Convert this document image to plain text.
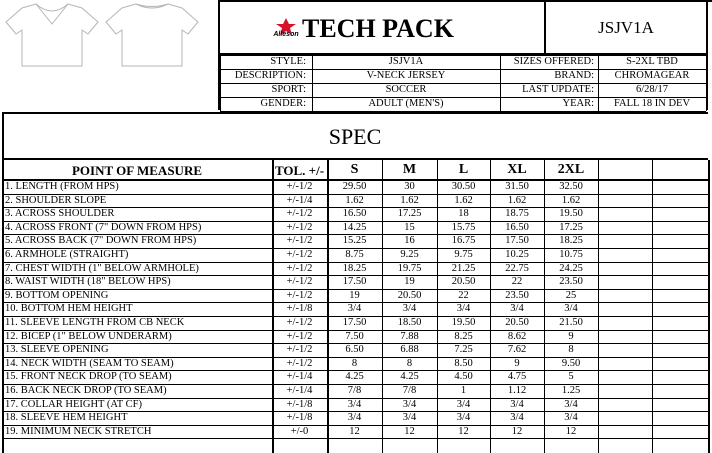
Alleson TECH PACK	JSJV1A
STYLE:	JSJV1A	SIZES OFFERED:	S-2XL TBD
DESCRIPTION:	V-NECK JERSEY	BRAND:	CHROMAGEAR
SPORT:	SOCCER	LAST UPDATE:	6/28/17
GENDER:	ADULT (MEN'S)	YEAR:	FALL 18 IN DEV
SPEC
POINT OF MEASURE	TOL. +/-	S	M	L	XL	2XL
1. LENGTH (FROM HPS)	+/-1/2	29.50	30	30.50	31.50	32.50
2. SHOULDER SLOPE	+/-1/4	1.62	1.62	1.62	1.62	1.62
3. ACROSS SHOULDER	+/-1/2	16.50	17.25	18	18.75	19.50
4. ACROSS FRONT (7" DOWN FROM HPS)	+/-1/2	14.25	15	15.75	16.50	17.25
5. ACROSS BACK (7" DOWN FROM HPS)	+/-1/2	15.25	16	16.75	17.50	18.25
6. ARMHOLE (STRAIGHT)	+/-1/2	8.75	9.25	9.75	10.25	10.75
7. CHEST WIDTH (1" BELOW ARMHOLE)	+/-1/2	18.25	19.75	21.25	22.75	24.25
8. WAIST WIDTH (18" BELOW HPS)	+/-1/2	17.50	19	20.50	22	23.50
9. BOTTOM OPENING	+/-1/2	19	20.50	22	23.50	25
10. BOTTOM HEM HEIGHT	+/-1/8	3/4	3/4	3/4	3/4	3/4
11. SLEEVE LENGTH FROM CB NECK	+/-1/2	17.50	18.50	19.50	20.50	21.50
12. BICEP (1" BELOW UNDERARM)	+/-1/2	7.50	7.88	8.25	8.62	9
13. SLEEVE OPENING	+/-1/2	6.50	6.88	7.25	7.62	8
14. NECK WIDTH (SEAM TO SEAM)	+/-1/2	8	8	8.50	9	9.50
15. FRONT NECK DROP (TO SEAM)	+/-1/4	4.25	4.25	4.50	4.75	5
16. BACK NECK DROP (TO SEAM)	+/-1/4	7/8	7/8	1	1.12	1.25
17. COLLAR HEIGHT (AT CF)	+/-1/8	3/4	3/4	3/4	3/4	3/4
18. SLEEVE HEM HEIGHT	+/-1/8	3/4	3/4	3/4	3/4	3/4
19. MINIMUM NECK STRETCH	+/-0	12	12	12	12	12
